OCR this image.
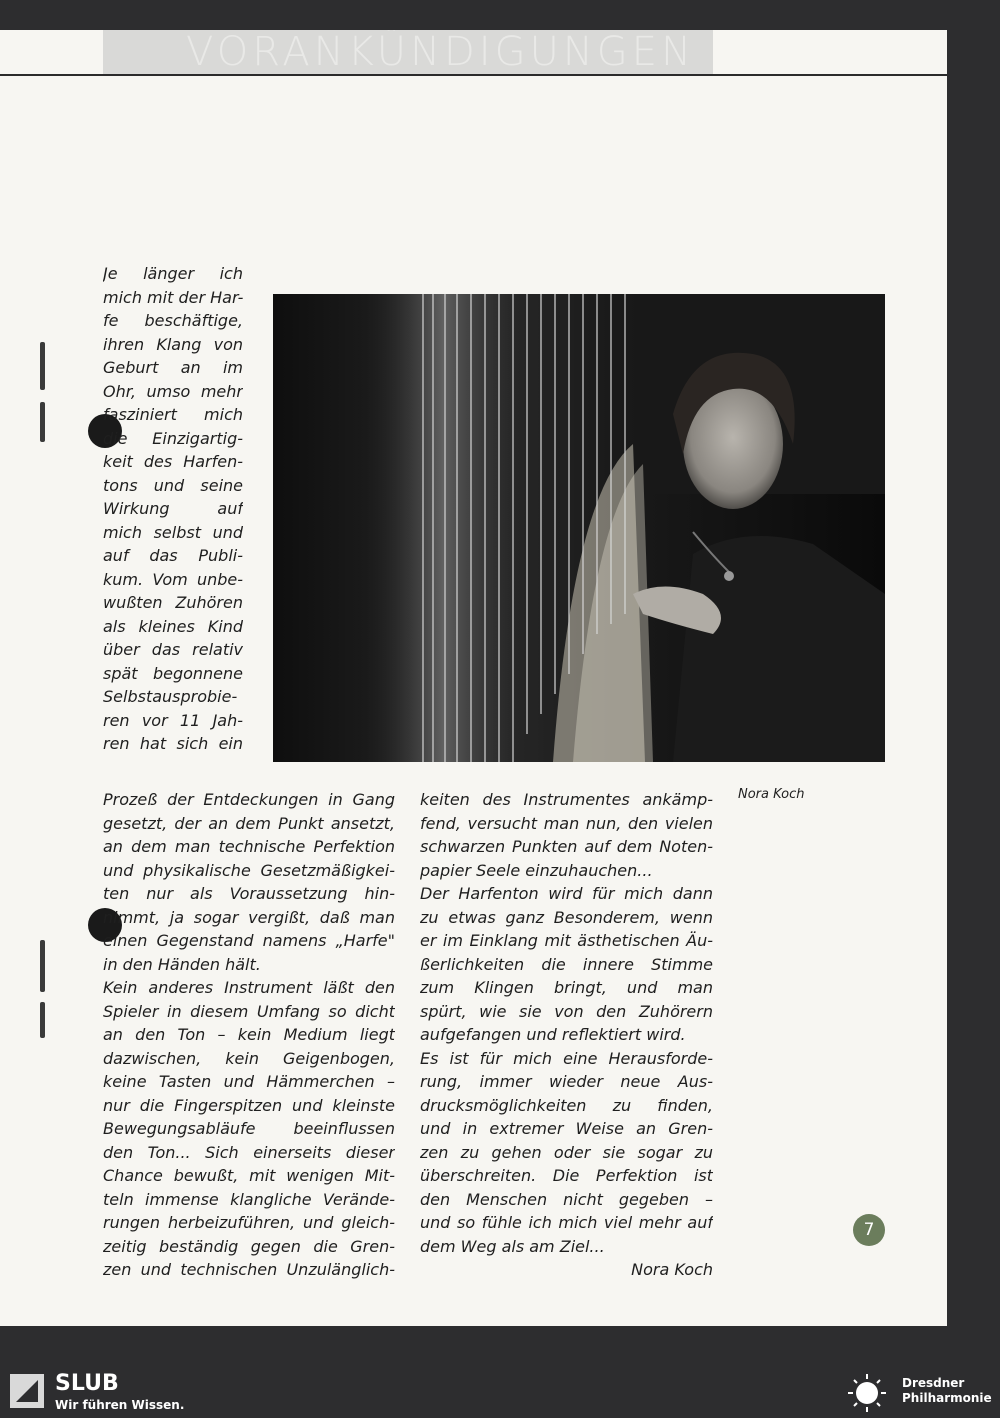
VORANKÜNDIGUNGEN
Je länger ich
mich mit der Har-
fe beschäftige,
ihren Klang von
Geburt an im
Ohr, umso mehr
fasziniert mich
die Einzigartig-
keit des Harfen-
tons und seine
Wirkung auf
mich selbst und
auf das Publi-
kum. Vom unbe-
wußten Zuhören
als kleines Kind
über das relativ
spät begonnene
Selbstausprobie-
ren vor 11 Jah-
ren hat sich ein
Nora Koch
Prozeß der Entdeckungen in Gang
gesetzt, der an dem Punkt ansetzt,
an dem man technische Perfektion
und physikalische Gesetzmäßigkei-
ten nur als Voraussetzung hin-
nimmt, ja sogar vergißt, daß man
einen Gegenstand namens „Harfe"
in den Händen hält.
Kein anderes Instrument läßt den
Spieler in diesem Umfang so dicht
an den Ton – kein Medium liegt
dazwischen, kein Geigenbogen,
keine Tasten und Hämmerchen –
nur die Fingerspitzen und kleinste
Bewegungsabläufe beeinflussen
den Ton... Sich einerseits dieser
Chance bewußt, mit wenigen Mit-
teln immense klangliche Verände-
rungen herbeizuführen, und gleich-
zeitig beständig gegen die Gren-
zen und technischen Unzulänglich-
keiten des Instrumentes ankämp-
fend, versucht man nun, den vielen
schwarzen Punkten auf dem Noten-
papier Seele einzuhauchen...
Der Harfenton wird für mich dann
zu etwas ganz Besonderem, wenn
er im Einklang mit ästhetischen Äu-
ßerlichkeiten die innere Stimme
zum Klingen bringt, und man
spürt, wie sie von den Zuhörern
aufgefangen und reflektiert wird.
Es ist für mich eine Herausforde-
rung, immer wieder neue Aus-
drucksmöglichkeiten zu finden,
und in extremer Weise an Gren-
zen zu gehen oder sie sogar zu
überschreiten. Die Perfektion ist
den Menschen nicht gegeben –
und so fühle ich mich viel mehr auf
dem Weg als am Ziel...
Nora Koch
7
SLUB
Wir führen Wissen.
Dresdner
Philharmonie
